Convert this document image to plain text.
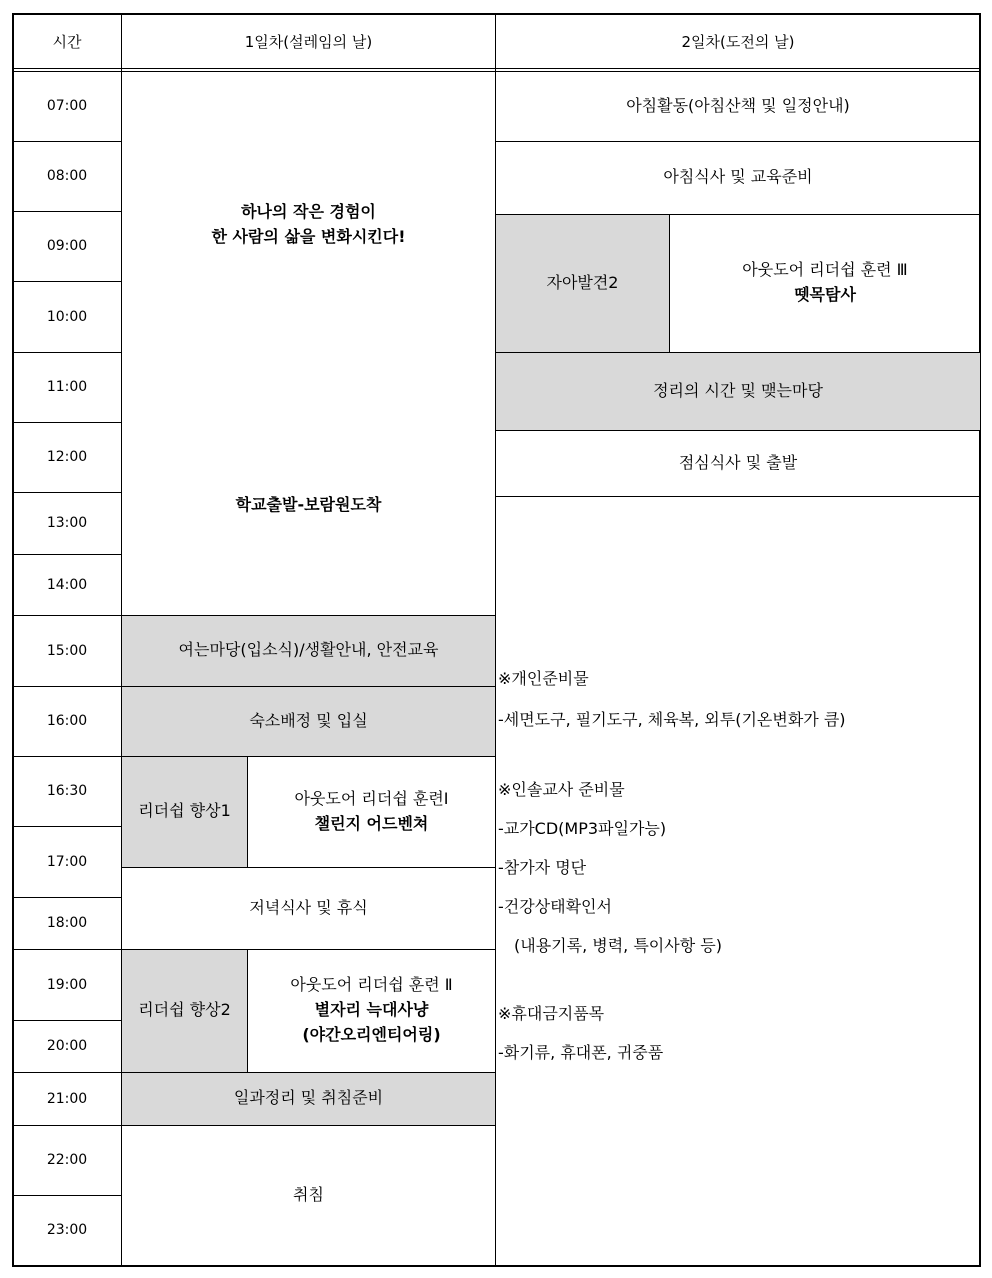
시간	1일차(설레임의 날)	2일차(도전의 날)
07:00
08:00
09:00
10:00
11:00
12:00
13:00
14:00
15:00
16:00
16:30
17:00
18:00
19:00
20:00
21:00
22:00
23:00
하나의 작은 경험이
한 사람의 삶을 변화시킨다!
학교출발-보람원도착
여는마당(입소식)/생활안내, 안전교육
숙소배정 및 입실
리더쉽 향상1
아웃도어 리더쉽 훈련Ⅰ
챌린지 어드벤쳐
저녁식사 및 휴식
리더쉽 향상2
아웃도어 리더쉽 훈련 Ⅱ
별자리 늑대사냥
(야간오리엔티어링)
일과정리 및 취침준비
취침
아침활동(아침산책 및 일정안내)
아침식사 및 교육준비
자아발견2
아웃도어 리더쉽 훈련 Ⅲ
뗏목탐사
정리의 시간 및 맺는마당
점심식사 및 출발
※개인준비물
-세면도구, 필기도구, 체육복, 외투(기온변화가 큼)
※인솔교사 준비물
-교가CD(MP3파일가능)
-참가자 명단
-건강상태확인서
(내용기록, 병력, 특이사항 등)
※휴대금지품목
-화기류, 휴대폰, 귀중품
